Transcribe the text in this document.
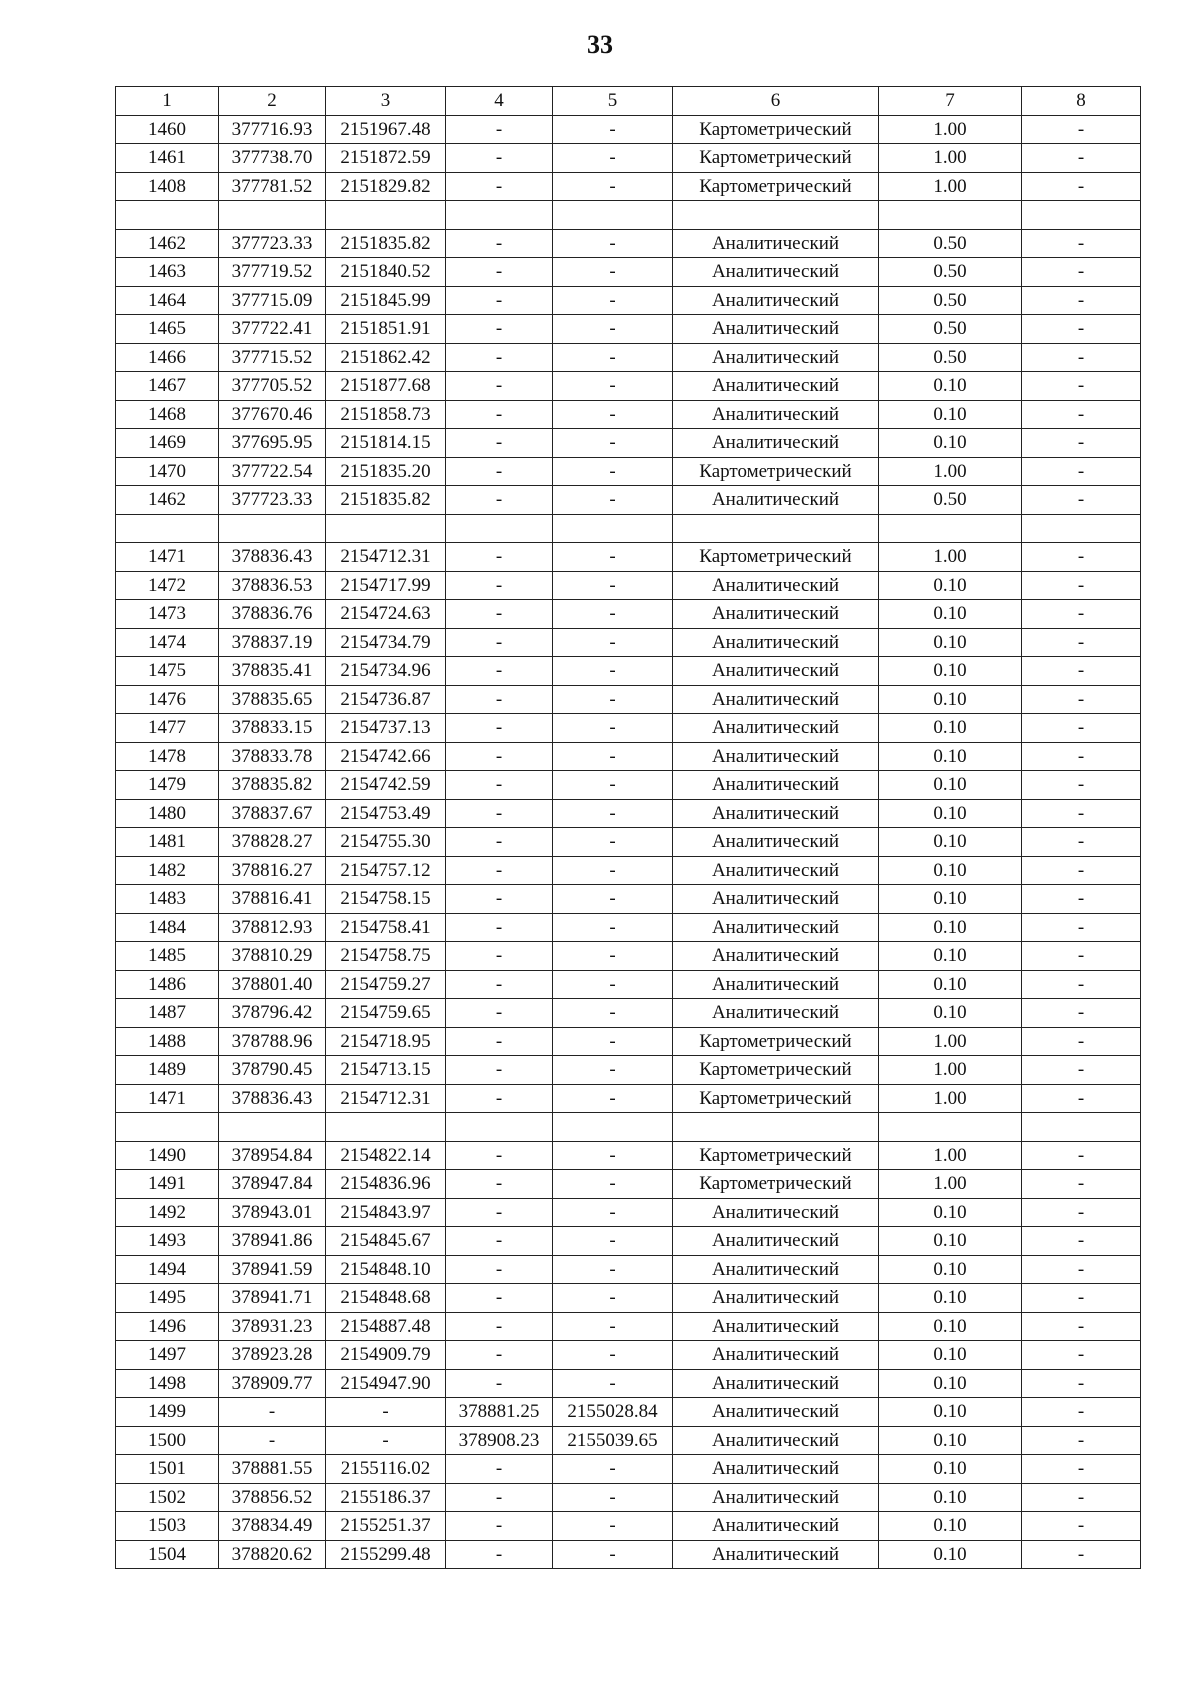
33
1	2	3	4	5	6	7	8
1460	377716.93	2151967.48	-	-	Картометрический	1.00	-
1461	377738.70	2151872.59	-	-	Картометрический	1.00	-
1408	377781.52	2151829.82	-	-	Картометрический	1.00	-

1462	377723.33	2151835.82	-	-	Аналитический	0.50	-
1463	377719.52	2151840.52	-	-	Аналитический	0.50	-
1464	377715.09	2151845.99	-	-	Аналитический	0.50	-
1465	377722.41	2151851.91	-	-	Аналитический	0.50	-
1466	377715.52	2151862.42	-	-	Аналитический	0.50	-
1467	377705.52	2151877.68	-	-	Аналитический	0.10	-
1468	377670.46	2151858.73	-	-	Аналитический	0.10	-
1469	377695.95	2151814.15	-	-	Аналитический	0.10	-
1470	377722.54	2151835.20	-	-	Картометрический	1.00	-
1462	377723.33	2151835.82	-	-	Аналитический	0.50	-

1471	378836.43	2154712.31	-	-	Картометрический	1.00	-
1472	378836.53	2154717.99	-	-	Аналитический	0.10	-
1473	378836.76	2154724.63	-	-	Аналитический	0.10	-
1474	378837.19	2154734.79	-	-	Аналитический	0.10	-
1475	378835.41	2154734.96	-	-	Аналитический	0.10	-
1476	378835.65	2154736.87	-	-	Аналитический	0.10	-
1477	378833.15	2154737.13	-	-	Аналитический	0.10	-
1478	378833.78	2154742.66	-	-	Аналитический	0.10	-
1479	378835.82	2154742.59	-	-	Аналитический	0.10	-
1480	378837.67	2154753.49	-	-	Аналитический	0.10	-
1481	378828.27	2154755.30	-	-	Аналитический	0.10	-
1482	378816.27	2154757.12	-	-	Аналитический	0.10	-
1483	378816.41	2154758.15	-	-	Аналитический	0.10	-
1484	378812.93	2154758.41	-	-	Аналитический	0.10	-
1485	378810.29	2154758.75	-	-	Аналитический	0.10	-
1486	378801.40	2154759.27	-	-	Аналитический	0.10	-
1487	378796.42	2154759.65	-	-	Аналитический	0.10	-
1488	378788.96	2154718.95	-	-	Картометрический	1.00	-
1489	378790.45	2154713.15	-	-	Картометрический	1.00	-
1471	378836.43	2154712.31	-	-	Картометрический	1.00	-

1490	378954.84	2154822.14	-	-	Картометрический	1.00	-
1491	378947.84	2154836.96	-	-	Картометрический	1.00	-
1492	378943.01	2154843.97	-	-	Аналитический	0.10	-
1493	378941.86	2154845.67	-	-	Аналитический	0.10	-
1494	378941.59	2154848.10	-	-	Аналитический	0.10	-
1495	378941.71	2154848.68	-	-	Аналитический	0.10	-
1496	378931.23	2154887.48	-	-	Аналитический	0.10	-
1497	378923.28	2154909.79	-	-	Аналитический	0.10	-
1498	378909.77	2154947.90	-	-	Аналитический	0.10	-
1499	-	-	378881.25	2155028.84	Аналитический	0.10	-
1500	-	-	378908.23	2155039.65	Аналитический	0.10	-
1501	378881.55	2155116.02	-	-	Аналитический	0.10	-
1502	378856.52	2155186.37	-	-	Аналитический	0.10	-
1503	378834.49	2155251.37	-	-	Аналитический	0.10	-
1504	378820.62	2155299.48	-	-	Аналитический	0.10	-
